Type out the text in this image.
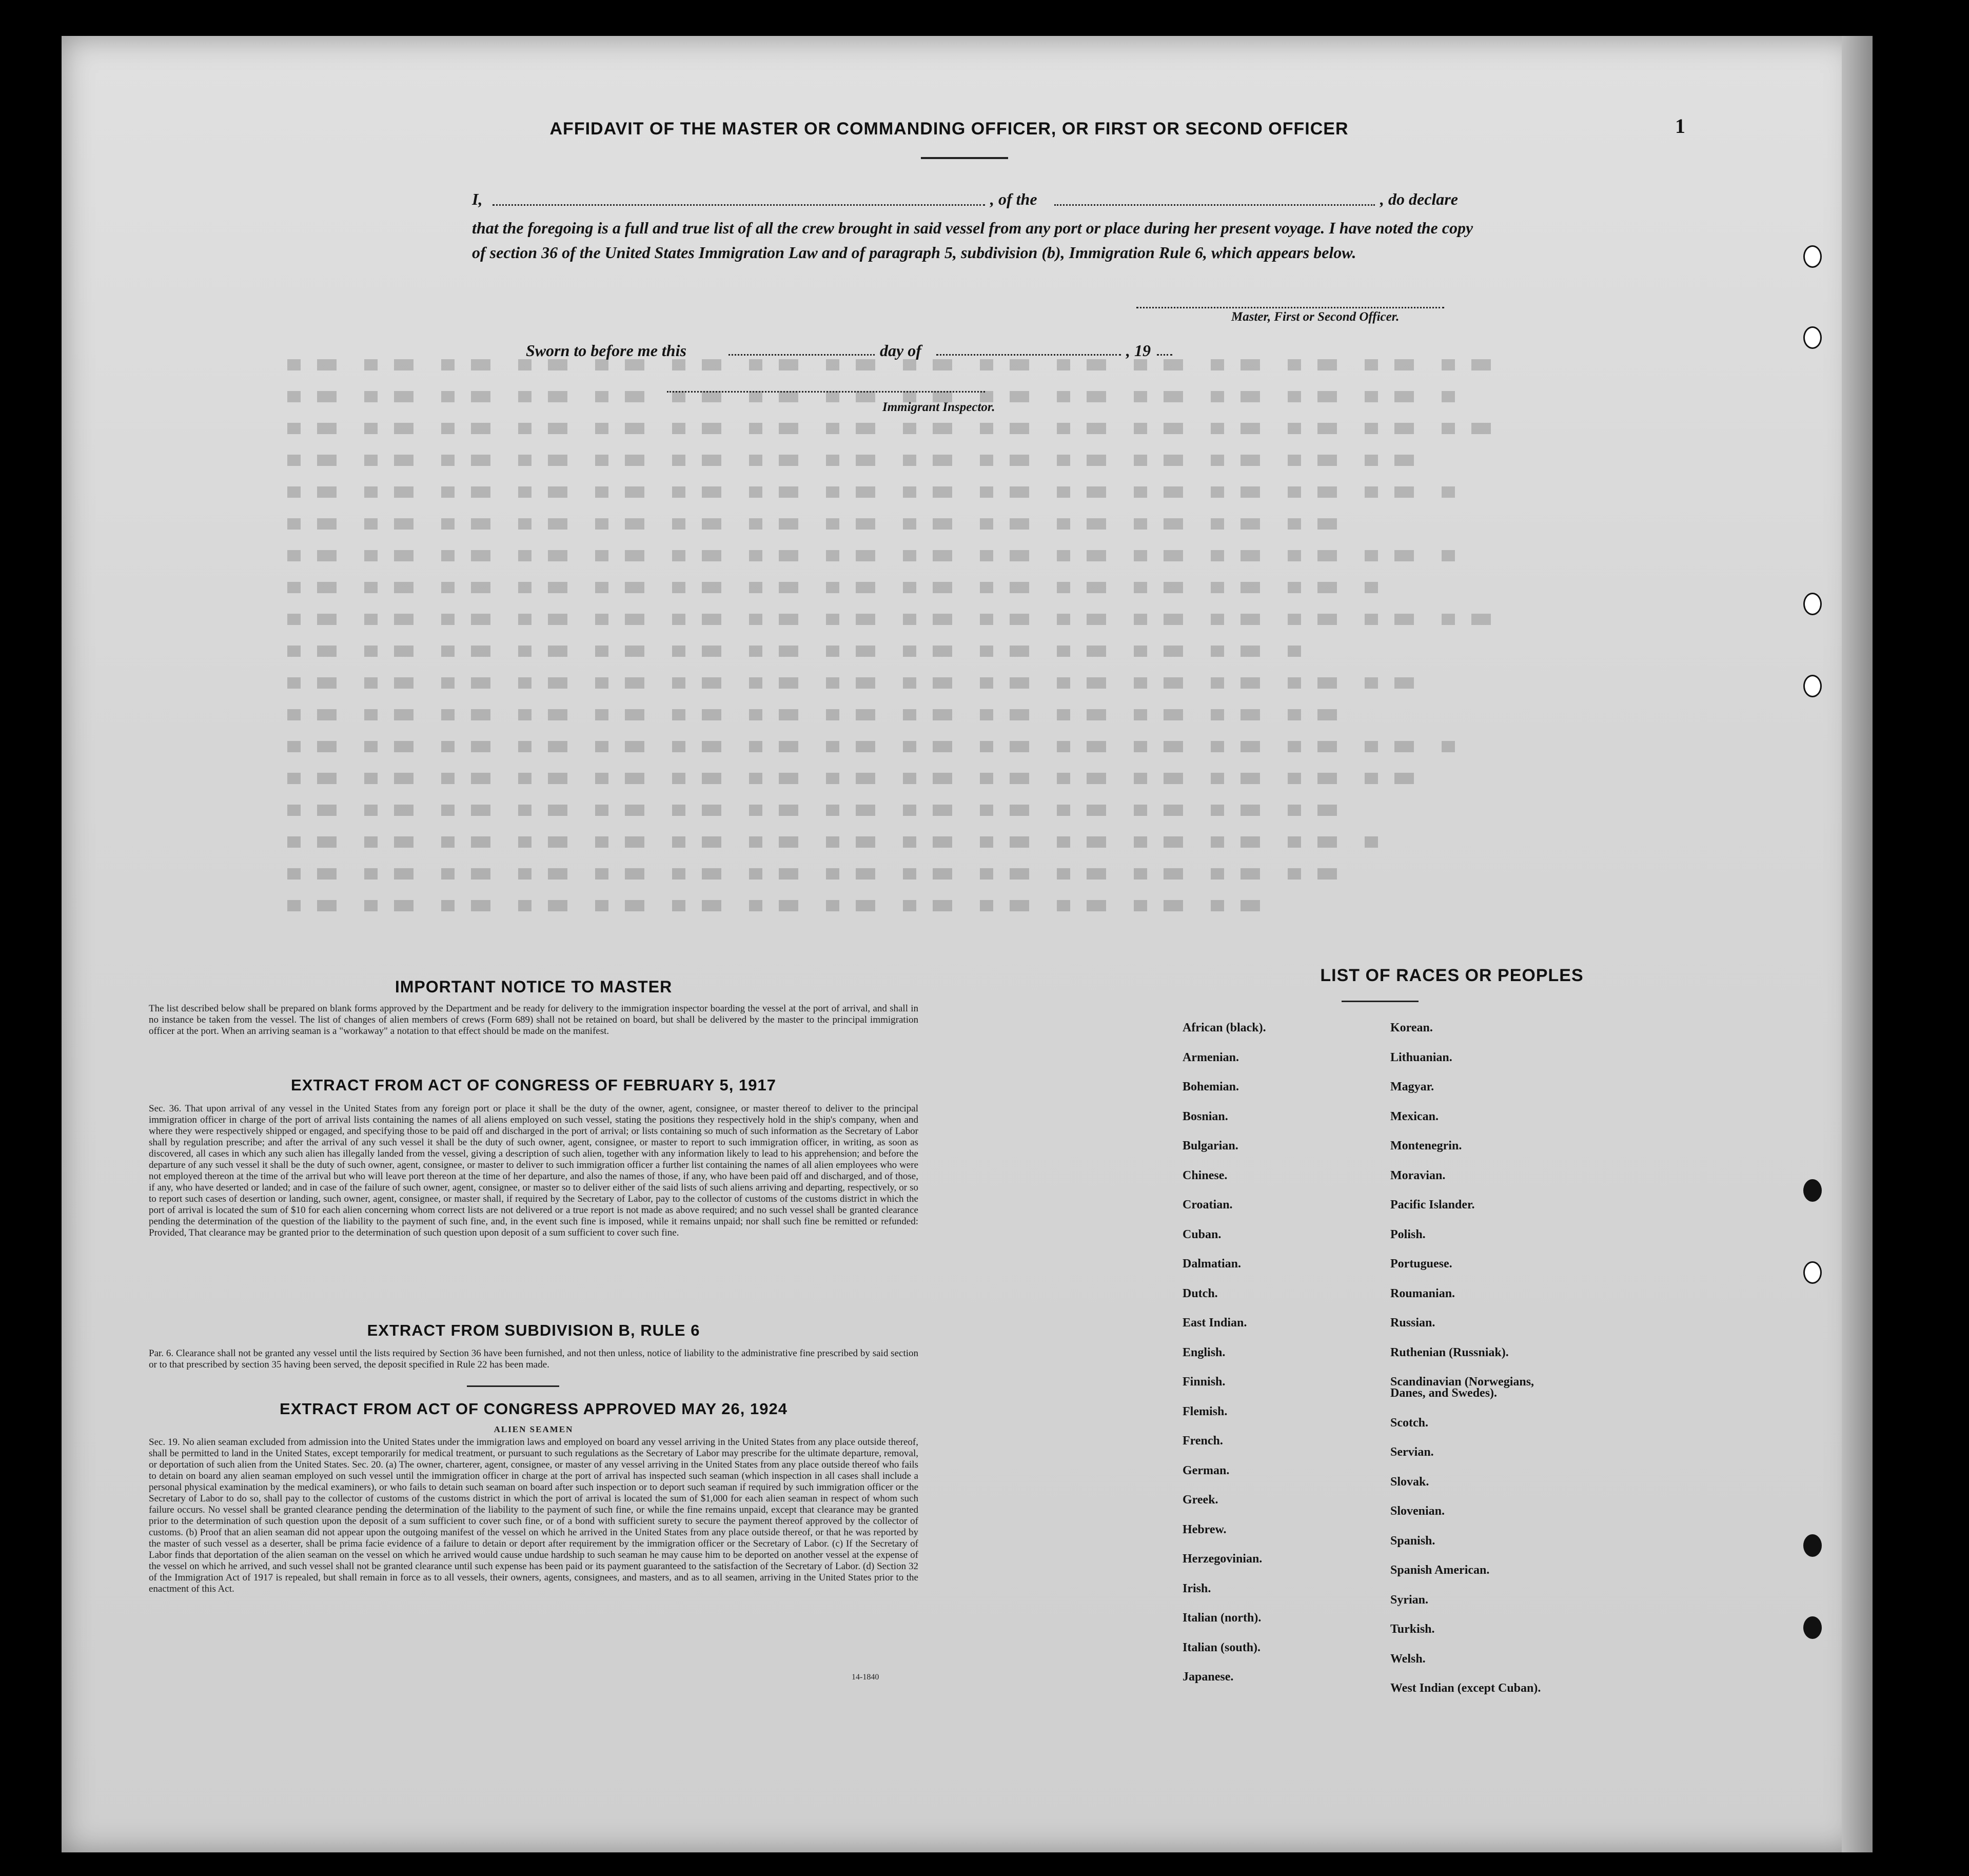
1
AFFIDAVIT OF THE MASTER OR COMMANDING OFFICER, OR FIRST OR SECOND OFFICER
I,	, of the	, do declare
that the foregoing is a full and true list of all the crew brought in said vessel from any port or place during her present voyage. I have noted the copy of section 36 of the United States Immigration Law and of paragraph 5, subdivision (b), Immigration Rule 6, which appears below.
Master, First or Second Officer.
Sworn to before me this	day of	, 19
Immigrant Inspector.
IMPORTANT NOTICE TO MASTER

The list described below shall be prepared on blank forms approved by the Department and be ready for delivery to the immigration inspector boarding the vessel at the port of arrival, and shall in no instance be taken from the vessel. The list of changes of alien members of crews (Form 689) shall not be retained on board, but shall be delivered by the master to the principal immigration officer at the port. When an arriving seaman is a "workaway" a notation to that effect should be made on the manifest.

EXTRACT FROM ACT OF CONGRESS OF FEBRUARY 5, 1917

Sec. 36. That upon arrival of any vessel in the United States from any foreign port or place it shall be the duty of the owner, agent, consignee, or master thereof to deliver to the principal immigration officer in charge of the port of arrival lists containing the names of all aliens employed on such vessel, stating the positions they respectively hold in the ship's company, when and where they were respectively shipped or engaged, and specifying those to be paid off and discharged in the port of arrival; or lists containing so much of such information as the Secretary of Labor shall by regulation prescribe; and after the arrival of any such vessel it shall be the duty of such owner, agent, consignee, or master to report to such immigration officer, in writing, as soon as discovered, all cases in which any such alien has illegally landed from the vessel, giving a description of such alien, together with any information likely to lead to his apprehension; and before the departure of any such vessel it shall be the duty of such owner, agent, consignee, or master to deliver to such immigration officer a further list containing the names of all alien employees who were not employed thereon at the time of the arrival but who will leave port thereon at the time of her departure, and also the names of those, if any, who have been paid off and discharged, and of those, if any, who have deserted or landed; and in case of the failure of such owner, agent, consignee, or master so to deliver either of the said lists of such aliens arriving and departing, respectively, or so to report such cases of desertion or landing, such owner, agent, consignee, or master shall, if required by the Secretary of Labor, pay to the collector of customs of the customs district in which the port of arrival is located the sum of $10 for each alien concerning whom correct lists are not delivered or a true report is not made as above required; and no such vessel shall be granted clearance pending the determination of the question of the liability to the payment of such fine, and, in the event such fine is imposed, while it remains unpaid; nor shall such fine be remitted or refunded: Provided, That clearance may be granted prior to the determination of such question upon deposit of a sum sufficient to cover such fine.

EXTRACT FROM SUBDIVISION B, RULE 6

Par. 6. Clearance shall not be granted any vessel until the lists required by Section 36 have been furnished, and not then unless, notice of liability to the administrative fine prescribed by said section or to that prescribed by section 35 having been served, the deposit specified in Rule 22 has been made.

EXTRACT FROM ACT OF CONGRESS APPROVED MAY 26, 1924
ALIEN SEAMEN

Sec. 19. No alien seaman excluded from admission into the United States under the immigration laws and employed on board any vessel arriving in the United States from any place outside thereof, shall be permitted to land in the United States, except temporarily for medical treatment, or pursuant to such regulations as the Secretary of Labor may prescribe for the ultimate departure, removal, or deportation of such alien from the United States. Sec. 20. (a) The owner, charterer, agent, consignee, or master of any vessel arriving in the United States from any place outside thereof who fails to detain on board any alien seaman employed on such vessel until the immigration officer in charge at the port of arrival has inspected such seaman (which inspection in all cases shall include a personal physical examination by the medical examiners), or who fails to detain such seaman on board after such inspection or to deport such seaman if required by such immigration officer or the Secretary of Labor to do so, shall pay to the collector of customs of the customs district in which the port of arrival is located the sum of $1,000 for each alien seaman in respect of whom such failure occurs. No vessel shall be granted clearance pending the determination of the liability to the payment of such fine, or while the fine remains unpaid, except that clearance may be granted prior to the determination of such question upon the deposit of a sum sufficient to cover such fine, or of a bond with sufficient surety to secure the payment thereof approved by the collector of customs. (b) Proof that an alien seaman did not appear upon the outgoing manifest of the vessel on which he arrived in the United States from any place outside thereof, or that he was reported by the master of such vessel as a deserter, shall be prima facie evidence of a failure to detain or deport after requirement by the immigration officer or the Secretary of Labor. (c) If the Secretary of Labor finds that deportation of the alien seaman on the vessel on which he arrived would cause undue hardship to such seaman he may cause him to be deported on another vessel at the expense of the vessel on which he arrived, and such vessel shall not be granted clearance until such expense has been paid or its payment guaranteed to the satisfaction of the Secretary of Labor. (d) Section 32 of the Immigration Act of 1917 is repealed, but shall remain in force as to all vessels, their owners, agents, consignees, and masters, and as to all seamen, arriving in the United States prior to the enactment of this Act.

14-1840
LIST OF RACES OR PEOPLES
African (black).
Armenian.
Bohemian.
Bosnian.
Bulgarian.
Chinese.
Croatian.
Cuban.
Dalmatian.
Dutch.
East Indian.
English.
Finnish.
Flemish.
French.
German.
Greek.
Hebrew.
Herzegovinian.
Irish.
Italian (north).
Italian (south).
Japanese.
Korean.
Lithuanian.
Magyar.
Mexican.
Montenegrin.
Moravian.
Pacific Islander.
Polish.
Portuguese.
Roumanian.
Russian.
Ruthenian (Russniak).
Scandinavian (Norwegians,
Danes, and Swedes).
Scotch.
Servian.
Slovak.
Slovenian.
Spanish.
Spanish American.
Syrian.
Turkish.
Welsh.
West Indian (except Cuban).
